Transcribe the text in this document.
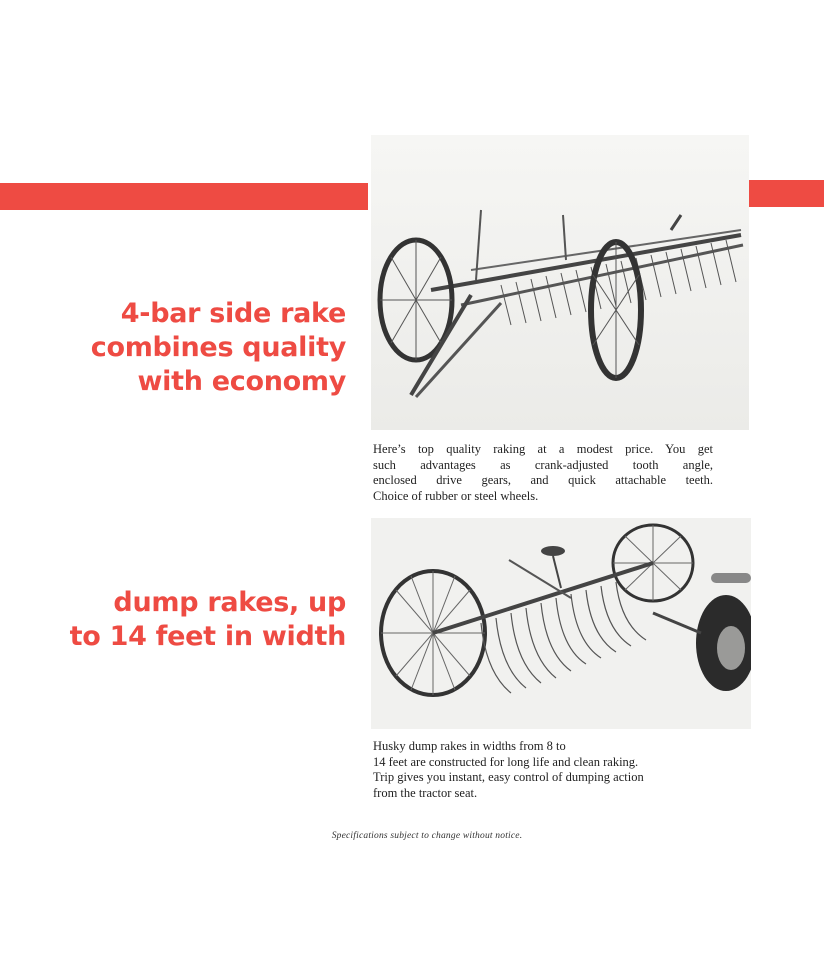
4-bar side rake
combines quality
with economy
Here’s top quality raking at a modest price. You get
such advantages as crank-adjusted tooth angle,
enclosed drive gears, and quick attachable teeth.
Choice of rubber or steel wheels.
dump rakes, up
to 14 feet in width
Husky dump rakes in widths from 8 to
14 feet are constructed for long life and clean raking.
Trip gives you instant, easy control of dumping action
from the tractor seat.
Specifications subject to change without notice.
